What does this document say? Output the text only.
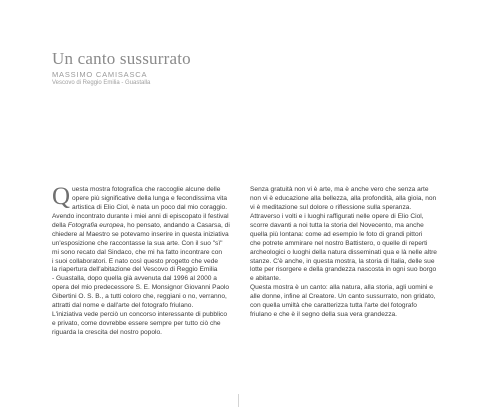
Un canto sussurrato
MASSIMO CAMISASCA
Vescovo di Reggio Emilia - Guastalla
Q uesta mostra fotografica che raccoglie alcune delle
opere più significative della lunga e fecondissima vita
artistica di Elio Ciol, è nata un poco dal mio coraggio.
Avendo incontrato durante i miei anni di episcopato il festival
della Fotografia europea, ho pensato, andando a Casarsa, di
chiedere al Maestro se potevamo inserire in questa iniziativa
un'esposizione che raccontasse la sua arte. Con il suo "sì"
mi sono recato dal Sindaco, che mi ha fatto incontrare con
i suoi collaboratori. È nato così questo progetto che vede
la riapertura dell'abitazione del Vescovo di Reggio Emilia
- Guastalla, dopo quella già avvenuta dal 1996 al 2000 a
opera del mio predecessore S. E. Monsignor Giovanni Paolo
Gibertini O. S. B., a tutti coloro che, reggiani o no, verranno,
attratti dal nome e dall'arte del fotografo friulano.
L'iniziativa vede perciò un concorso interessante di pubblico
e privato, come dovrebbe essere sempre per tutto ciò che
riguarda la crescita del nostro popolo.
Senza gratuità non vi è arte, ma è anche vero che senza arte
non vi è educazione alla bellezza, alla profondità, alla gioia, non
vi è meditazione sul dolore o riflessione sulla speranza.
Attraverso i volti e i luoghi raffigurati nelle opere di Elio Ciol,
scorre davanti a noi tutta la storia del Novecento, ma anche
quella più lontana: come ad esempio le foto di grandi pittori
che potrete ammirare nel nostro Battistero, o quelle di reperti
archeologici o luoghi della natura disseminati qua e là nelle altre
stanze. C'è anche, in questa mostra, la storia di Italia, delle sue
lotte per risorgere e della grandezza nascosta in ogni suo borgo
e abitante.
Questa mostra è un canto: alla natura, alla storia, agli uomini e
alle donne, infine al Creatore. Un canto sussurrato, non gridato,
con quella umiltà che caratterizza tutta l'arte del fotografo
friulano e che è il segno della sua vera grandezza.
